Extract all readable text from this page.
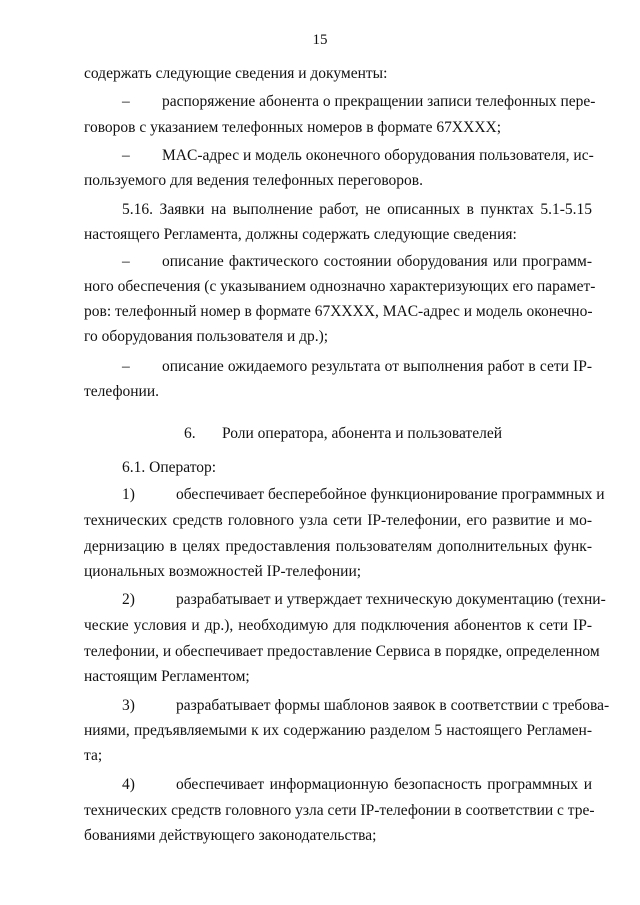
15
содержать следующие сведения и документы:
–	распоряжение абонента о прекращении записи телефонных пере-
говоров с указанием телефонных номеров в формате 67XXXX;
–	MAC-адрес и модель оконечного оборудования пользователя, ис-
пользуемого для ведения телефонных переговоров.
5.16. Заявки на выполнение работ, не описанных в пунктах 5.1-5.15
настоящего Регламента, должны содержать следующие сведения:
–	описание фактического состоянии оборудования или программ-
ного обеспечения (с указыванием однозначно характеризующих его парамет-
ров: телефонный номер в формате 67XXXX, MAC-адрес и модель оконечно-
го оборудования пользователя и др.);
–	описание ожидаемого результата от выполнения работ в сети IP-
телефонии.
6. Роли оператора, абонента и пользователей
6.1. Оператор:
1)	обеспечивает бесперебойное функционирование программных и
технических средств головного узла сети IP-телефонии, его развитие и мо-
дернизацию в целях предоставления пользователям дополнительных функ-
циональных возможностей IP-телефонии;
2)	разрабатывает и утверждает техническую документацию (техни-
ческие условия и др.), необходимую для подключения абонентов к сети IP-
телефонии, и обеспечивает предоставление Сервиса в порядке, определенном
настоящим Регламентом;
3)	разрабатывает формы шаблонов заявок в соответствии с требова-
ниями, предъявляемыми к их содержанию разделом 5 настоящего Регламен-
та;
4)	обеспечивает информационную безопасность программных и
технических средств головного узла сети IP-телефонии в соответствии с тре-
бованиями действующего законодательства;
